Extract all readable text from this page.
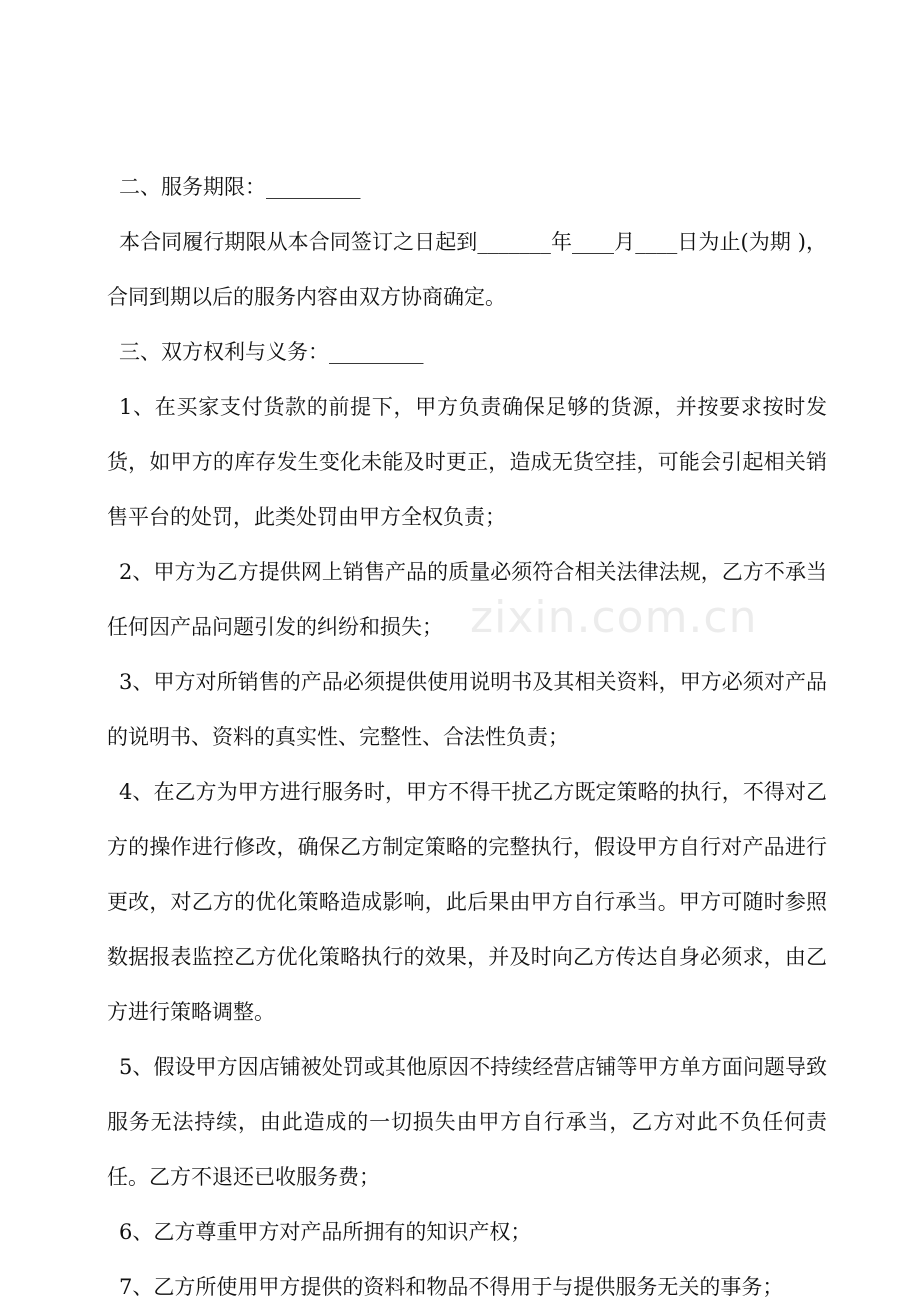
二、服务期限：_________

本合同履行期限从本合同签订之日起到_______年____月____日为止(为期 )，合同到期以后的服务内容由双方协商确定。

三、双方权利与义务：_________

1、在买家支付货款的前提下，甲方负责确保足够的货源，并按要求按时发货，如甲方的库存发生变化未能及时更正，造成无货空挂，可能会引起相关销售平台的处罚，此类处罚由甲方全权负责；

2、甲方为乙方提供网上销售产品的质量必须符合相关法律法规，乙方不承当任何因产品问题引发的纠纷和损失；

3、甲方对所销售的产品必须提供使用说明书及其相关资料，甲方必须对产品的说明书、资料的真实性、完整性、合法性负责；

4、在乙方为甲方进行服务时，甲方不得干扰乙方既定策略的执行，不得对乙方的操作进行修改，确保乙方制定策略的完整执行，假设甲方自行对产品进行更改，对乙方的优化策略造成影响，此后果由甲方自行承当。甲方可随时参照数据报表监控乙方优化策略执行的效果，并及时向乙方传达自身必须求，由乙方进行策略调整。

5、假设甲方因店铺被处罚或其他原因不持续经营店铺等甲方单方面问题导致服务无法持续，由此造成的一切损失由甲方自行承当，乙方对此不负任何责任。乙方不退还已收服务费；

6、乙方尊重甲方对产品所拥有的知识产权；

7、乙方所使用甲方提供的资料和物品不得用于与提供服务无关的事务；

zixin.com.cn
